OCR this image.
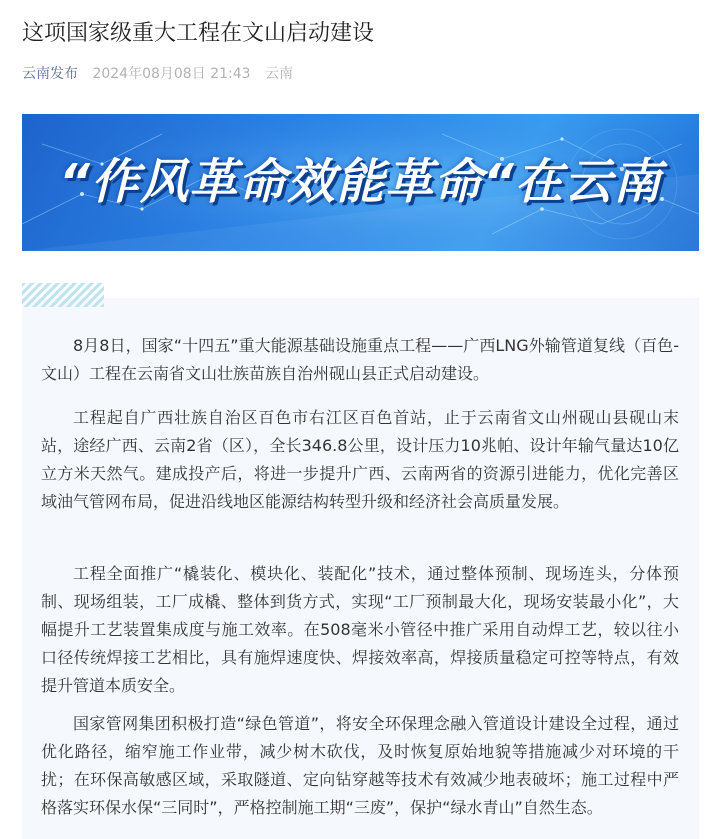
这项国家级重大工程在文山启动建设
云南发布 2024年08月08日 21:43 云南
“作风革命效能革命“在云南

8月8日，国家“十四五”重大能源基础设施重点工程——广西LNG外输管道复线（百色-文山）工程在云南省文山壮族苗族自治州砚山县正式启动建设。

工程起自广西壮族自治区百色市右江区百色首站，止于云南省文山州砚山县砚山末站，途经广西、云南2省（区），全长346.8公里，设计压力10兆帕、设计年输气量达10亿立方米天然气。建成投产后，将进一步提升广西、云南两省的资源引进能力，优化完善区域油气管网布局，促进沿线地区能源结构转型升级和经济社会高质量发展。

工程全面推广“橇装化、模块化、装配化”技术，通过整体预制、现场连头，分体预制、现场组装，工厂成橇、整体到货方式，实现“工厂预制最大化，现场安装最小化”，大幅提升工艺装置集成度与施工效率。在508毫米小管径中推广采用自动焊工艺，较以往小口径传统焊接工艺相比，具有施焊速度快、焊接效率高，焊接质量稳定可控等特点，有效提升管道本质安全。

国家管网集团积极打造“绿色管道”，将安全环保理念融入管道设计建设全过程，通过优化路径，缩窄施工作业带，减少树木砍伐，及时恢复原始地貌等措施减少对环境的干扰；在环保高敏感区域，采取隧道、定向钻穿越等技术有效减少地表破坏；施工过程中严格落实环保水保“三同时”，严格控制施工期“三废”，保护“绿水青山”自然生态。
